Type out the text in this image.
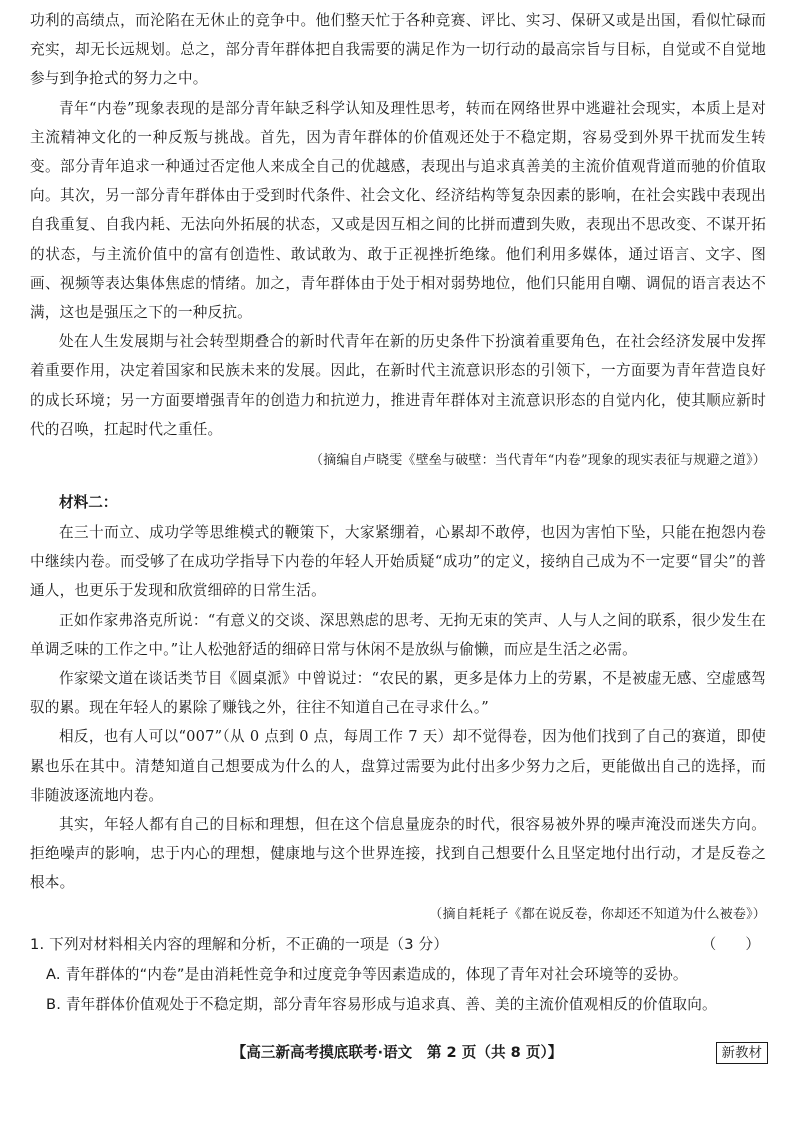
功利的高绩点，而沦陷在无休止的竞争中。他们整天忙于各种竞赛、评比、实习、保研又或是出国，看似忙碌而充实，却无长远规划。总之，部分青年群体把自我需要的满足作为一切行动的最高宗旨与目标，自觉或不自觉地参与到争抢式的努力之中。

青年“内卷”现象表现的是部分青年缺乏科学认知及理性思考，转而在网络世界中逃避社会现实，本质上是对主流精神文化的一种反叛与挑战。首先，因为青年群体的价值观还处于不稳定期，容易受到外界干扰而发生转变。部分青年追求一种通过否定他人来成全自己的优越感，表现出与追求真善美的主流价值观背道而驰的价值取向。其次，另一部分青年群体由于受到时代条件、社会文化、经济结构等复杂因素的影响，在社会实践中表现出自我重复、自我内耗、无法向外拓展的状态，又或是因互相之间的比拼而遭到失败，表现出不思改变、不谋开拓的状态，与主流价值中的富有创造性、敢试敢为、敢于正视挫折绝缘。他们利用多媒体，通过语言、文字、图画、视频等表达集体焦虑的情绪。加之，青年群体由于处于相对弱势地位，他们只能用自嘲、调侃的语言表达不满，这也是强压之下的一种反抗。

处在人生发展期与社会转型期叠合的新时代青年在新的历史条件下扮演着重要角色，在社会经济发展中发挥着重要作用，决定着国家和民族未来的发展。因此，在新时代主流意识形态的引领下，一方面要为青年营造良好的成长环境；另一方面要增强青年的创造力和抗逆力，推进青年群体对主流意识形态的自觉内化，使其顺应新时代的召唤，扛起时代之重任。

（摘编自卢晓雯《壁垒与破壁：当代青年“内卷”现象的现实表征与规避之道》）

材料二：

在三十而立、成功学等思维模式的鞭策下，大家紧绷着，心累却不敢停，也因为害怕下坠，只能在抱怨内卷中继续内卷。而受够了在成功学指导下内卷的年轻人开始质疑“成功”的定义，接纳自己成为不一定要“冒尖”的普通人，也更乐于发现和欣赏细碎的日常生活。

正如作家弗洛克所说：“有意义的交谈、深思熟虑的思考、无拘无束的笑声、人与人之间的联系，很少发生在单调乏味的工作之中。”让人松弛舒适的细碎日常与休闲不是放纵与偷懒，而应是生活之必需。

作家梁文道在谈话类节目《圆桌派》中曾说过：“农民的累，更多是体力上的劳累，不是被虚无感、空虚感驾驭的累。现在年轻人的累除了赚钱之外，往往不知道自己在寻求什么。”

相反，也有人可以“007”（从 0 点到 0 点，每周工作 7 天）却不觉得卷，因为他们找到了自己的赛道，即使累也乐在其中。清楚知道自己想要成为什么的人，盘算过需要为此付出多少努力之后，更能做出自己的选择，而非随波逐流地内卷。

其实，年轻人都有自己的目标和理想，但在这个信息量庞杂的时代，很容易被外界的噪声淹没而迷失方向。拒绝噪声的影响，忠于内心的理想，健康地与这个世界连接，找到自己想要什么且坚定地付出行动，才是反卷之根本。

（摘自耗耗子《都在说反卷，你却还不知道为什么被卷》）

1. 下列对材料相关内容的理解和分析，不正确的一项是（3 分）	（　　）

A. 青年群体的“内卷”是由消耗性竞争和过度竞争等因素造成的，体现了青年对社会环境等的妥协。

B. 青年群体价值观处于不稳定期，部分青年容易形成与追求真、善、美的主流价值观相反的价值取向。

【高三新高考摸底联考·语文　第 2 页（共 8 页）】	新教材
